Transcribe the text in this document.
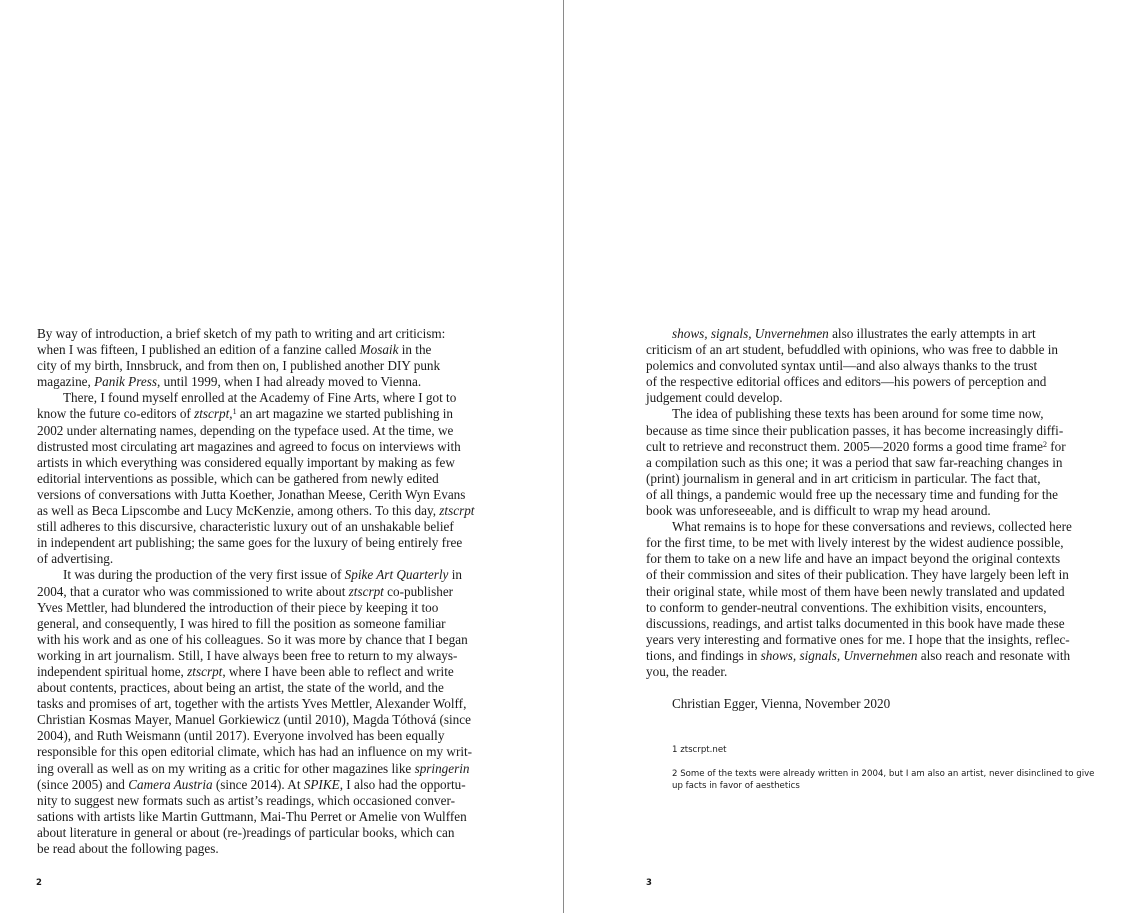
By way of introduction, a brief sketch of my path to writing and art criticism:
when I was fifteen, I published an edition of a fanzine called Mosaik in the
city of my birth, Innsbruck, and from then on, I published another DIY punk
magazine, Panik Press, until 1999, when I had already moved to Vienna.
There, I found myself enrolled at the Academy of Fine Arts, where I got to
know the future co-editors of ztscrpt,$^1$ an art magazine we started publishing in
2002 under alternating names, depending on the typeface used. At the time, we
distrusted most circulating art magazines and agreed to focus on interviews with
artists in which everything was considered equally important by making as few
editorial interventions as possible, which can be gathered from newly edited
versions of conversations with Jutta Koether, Jonathan Meese, Cerith Wyn Evans
as well as Beca Lipscombe and Lucy McKenzie, among others. To this day, ztscrpt
still adheres to this discursive, characteristic luxury out of an unshakable belief
in independent art publishing; the same goes for the luxury of being entirely free
of advertising.
It was during the production of the very first issue of Spike Art Quarterly in
2004, that a curator who was commissioned to write about ztscrpt co-publisher
Yves Mettler, had blundered the introduction of their piece by keeping it too
general, and consequently, I was hired to fill the position as someone familiar
with his work and as one of his colleagues. So it was more by chance that I began
working in art journalism. Still, I have always been free to return to my always-
independent spiritual home, ztscrpt, where I have been able to reflect and write
about contents, practices, about being an artist, the state of the world, and the
tasks and promises of art, together with the artists Yves Mettler, Alexander Wolff,
Christian Kosmas Mayer, Manuel Gorkiewicz (until 2010), Magda Tóthová (since
2004), and Ruth Weismann (until 2017). Everyone involved has been equally
responsible for this open editorial climate, which has had an influence on my writ-
ing overall as well as on my writing as a critic for other magazines like springerin
(since 2005) and Camera Austria (since 2014). At SPIKE, I also had the opportu-
nity to suggest new formats such as artist’s readings, which occasioned conver-
sations with artists like Martin Guttmann, Mai-Thu Perret or Amelie von Wulffen
about literature in general or about (re-)readings of particular books, which can
be read about the following pages.
2
shows, signals, Unvernehmen also illustrates the early attempts in art
criticism of an art student, befuddled with opinions, who was free to dabble in
polemics and convoluted syntax until—and also always thanks to the trust
of the respective editorial offices and editors—his powers of perception and
judgement could develop.
The idea of publishing these texts has been around for some time now,
because as time since their publication passes, it has become increasingly diffi-
cult to retrieve and reconstruct them. 2005—2020 forms a good time frame$^2$ for
a compilation such as this one; it was a period that saw far-reaching changes in
(print) journalism in general and in art criticism in particular. The fact that,
of all things, a pandemic would free up the necessary time and funding for the
book was unforeseeable, and is difficult to wrap my head around.
What remains is to hope for these conversations and reviews, collected here
for the first time, to be met with lively interest by the widest audience possible,
for them to take on a new life and have an impact beyond the original contexts
of their commission and sites of their publication. They have largely been left in
their original state, while most of them have been newly translated and updated
to conform to gender-neutral conventions. The exhibition visits, encounters,
discussions, readings, and artist talks documented in this book have made these
years very interesting and formative ones for me. I hope that the insights, reflec-
tions, and findings in shows, signals, Unvernehmen also reach and resonate with
you, the reader.
Christian Egger, Vienna, November 2020
1 ztscrpt.net
2 Some of the texts were already written in 2004, but I am also an artist, never disinclined to give
up facts in favor of aesthetics
3
